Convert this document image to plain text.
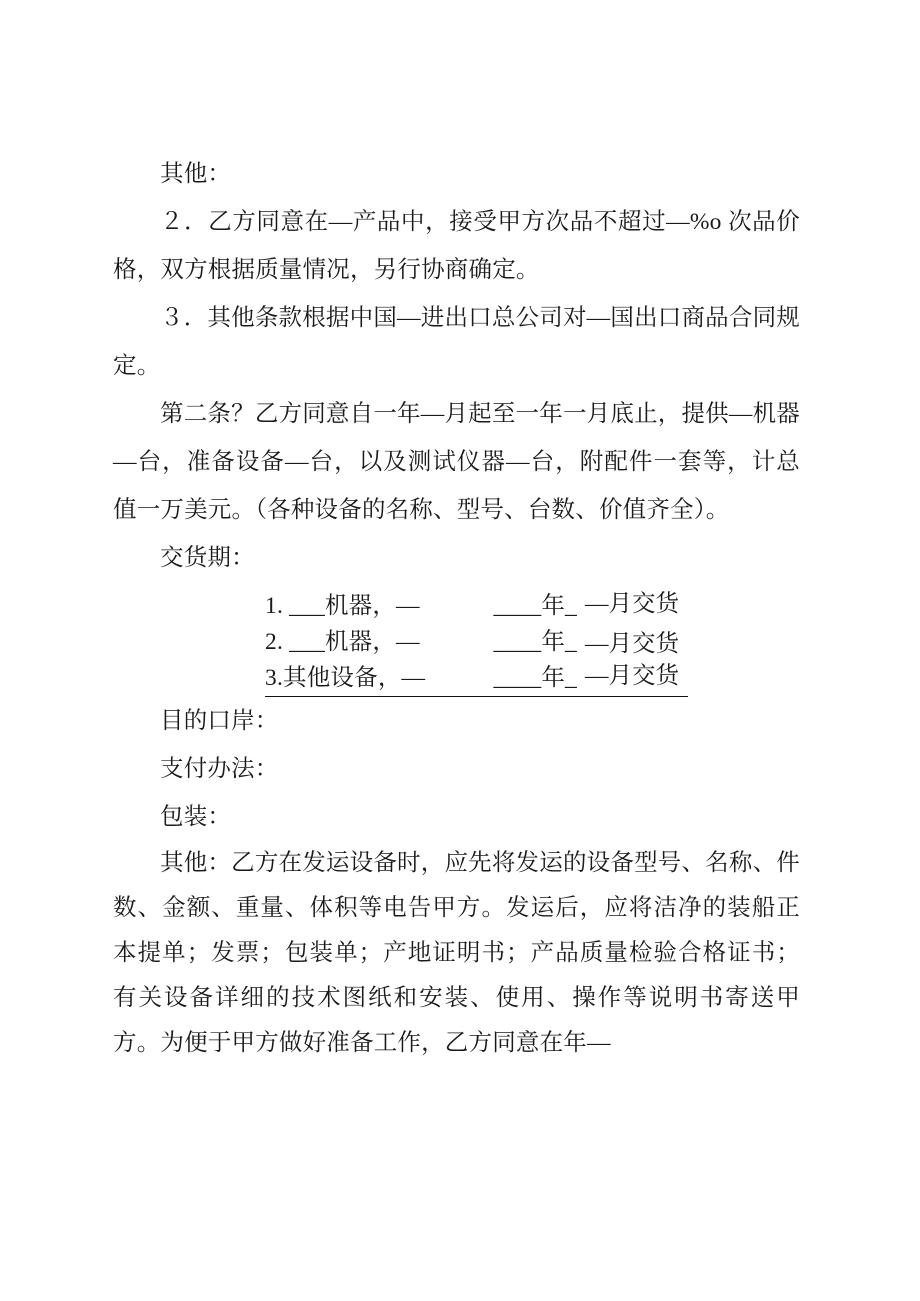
其他：

２．乙方同意在—产品中，接受甲方次品不超过—%o 次品价格，双方根据质量情况，另行协商确定。

３．其他条款根据中国—进出口总公司对—国出口商品合同规定。

第二条？乙方同意自一年—月起至一年一月底止，提供—机器—台，准备设备—台，以及测试仪器—台，附配件一套等，计总值一万美元。（各种设备的名称、型号、台数、价值齐全）。

交货期：

1. ___机器，—	____年_	—月交货
2. ___机器，—	____年_	—月交货
3.其他设备，—	____年_	—月交货

目的口岸：

支付办法：

包装：

其他：乙方在发运设备时，应先将发运的设备型号、名称、件数、金额、重量、体积等电告甲方。发运后，应将洁净的装船正本提单；发票；包装单；产地证明书；产品质量检验合格证书；有关设备详细的技术图纸和安装、使用、操作等说明书寄送甲方。为便于甲方做好准备工作，乙方同意在年—
